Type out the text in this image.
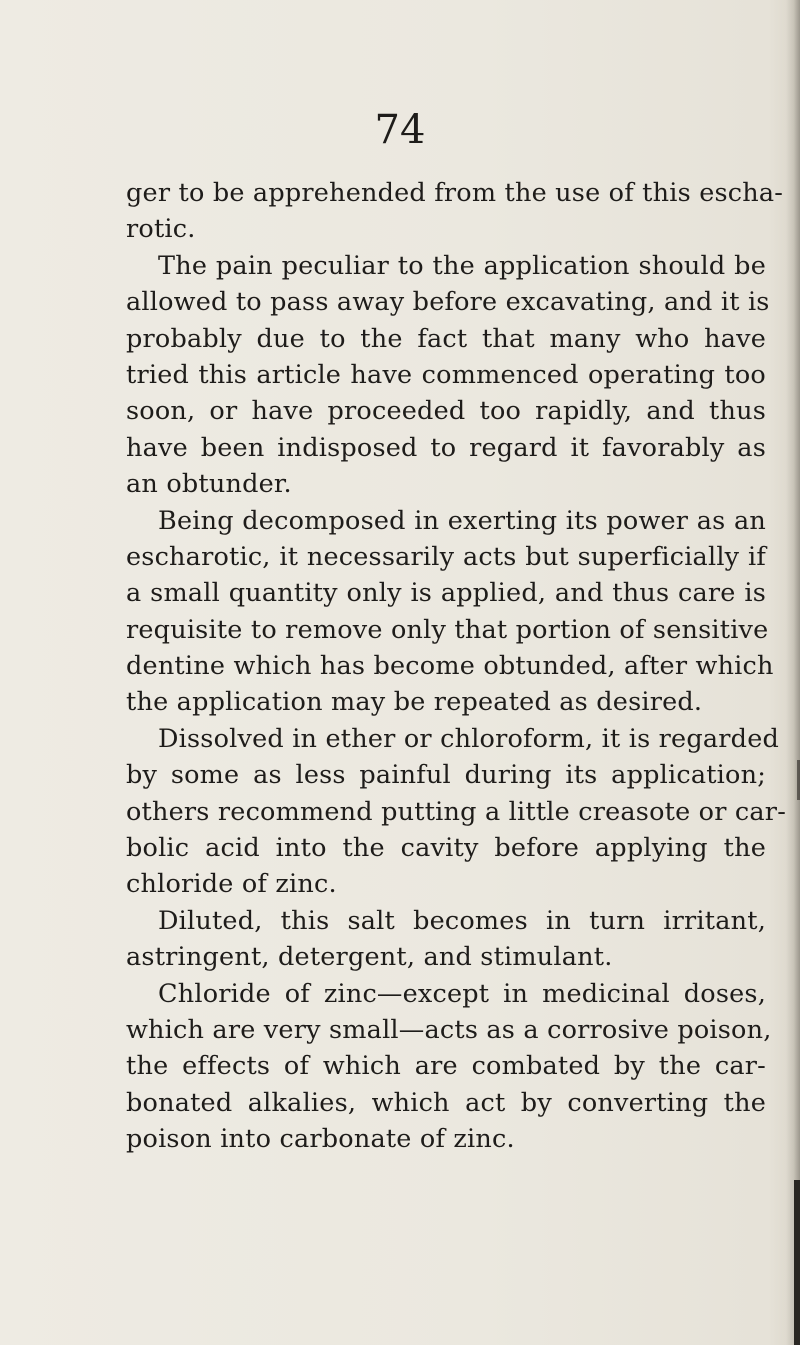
74
ger to be apprehended from the use of this escha-
rotic.
The pain peculiar to the application should be
allowed to pass away before excavating, and it is
probably due to the fact that many who have
tried this article have commenced operating too
soon, or have proceeded too rapidly, and thus
have been indisposed to regard it favorably as
an obtunder.
Being decomposed in exerting its power as an
escharotic, it necessarily acts but superficially if
a small quantity only is applied, and thus care is
requisite to remove only that portion of sensitive
dentine which has become obtunded, after which
the application may be repeated as desired.
Dissolved in ether or chloroform, it is regarded
by some as less painful during its application;
others recommend putting a little creasote or car-
bolic acid into the cavity before applying the
chloride of zinc.
Diluted, this salt becomes in turn irritant,
astringent, detergent, and stimulant.
Chloride of zinc—except in medicinal doses,
which are very small—acts as a corrosive poison,
the effects of which are combated by the car-
bonated alkalies, which act by converting the
poison into carbonate of zinc.
